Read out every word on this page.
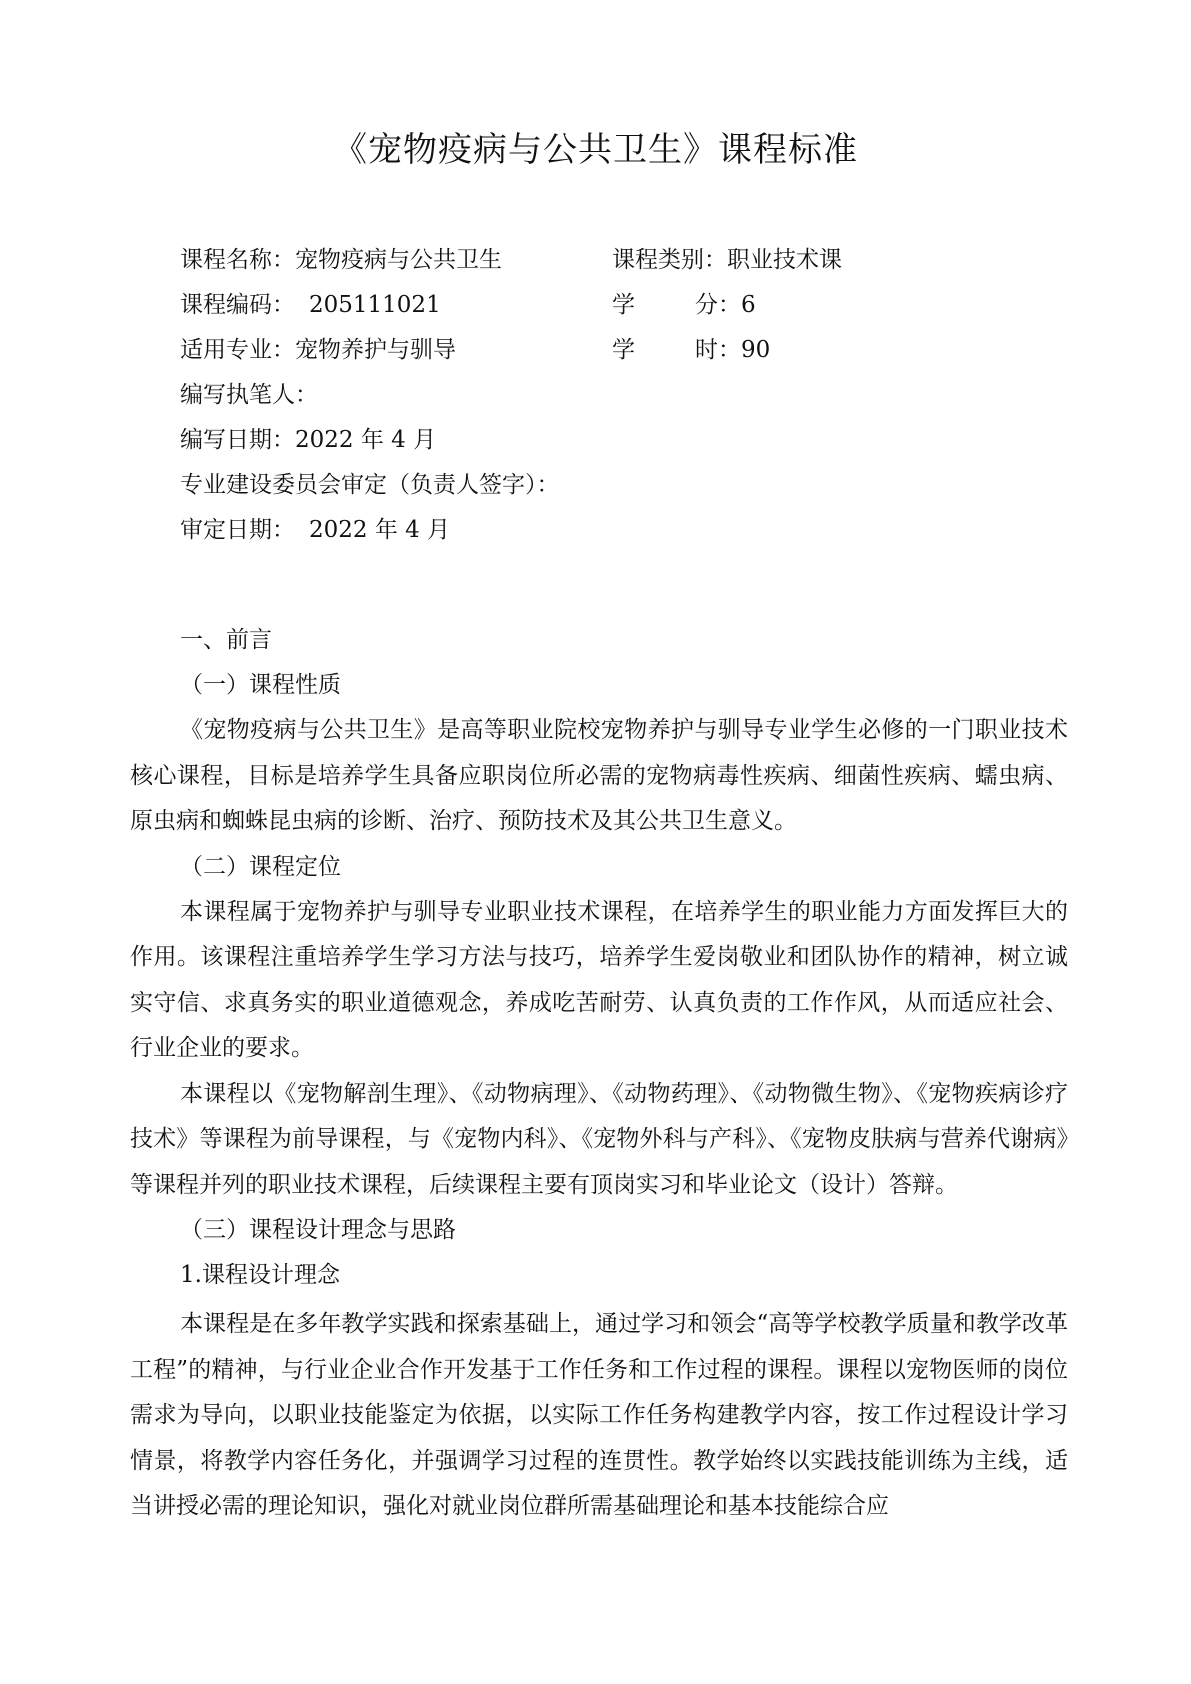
《宠物疫病与公共卫生》课程标准
课程名称：宠物疫病与公共卫生	课程类别：职业技术课
课程编码： 205111021	学	分：6
适用专业：宠物养护与驯导	学	时：90
编写执笔人：
编写日期：2022 年 4 月
专业建设委员会审定（负责人签字）：
审定日期： 2022 年 4 月
一、前言
（一）课程性质

《宠物疫病与公共卫生》是高等职业院校宠物养护与驯导专业学生必修的一门职业技术核心课程，目标是培养学生具备应职岗位所必需的宠物病毒性疾病、细菌性疾病、蠕虫病、原虫病和蜘蛛昆虫病的诊断、治疗、预防技术及其公共卫生意义。

（二）课程定位

本课程属于宠物养护与驯导专业职业技术课程，在培养学生的职业能力方面发挥巨大的作用。该课程注重培养学生学习方法与技巧，培养学生爱岗敬业和团队协作的精神，树立诚实守信、求真务实的职业道德观念，养成吃苦耐劳、认真负责的工作作风，从而适应社会、行业企业的要求。

本课程以《宠物解剖生理》、《动物病理》、《动物药理》、《动物微生物》、《宠物疾病诊疗技术》等课程为前导课程，与《宠物内科》、《宠物外科与产科》、《宠物皮肤病与营养代谢病》等课程并列的职业技术课程，后续课程主要有顶岗实习和毕业论文（设计）答辩。

（三）课程设计理念与思路
1.课程设计理念

本课程是在多年教学实践和探索基础上，通过学习和领会“高等学校教学质量和教学改革工程”的精神，与行业企业合作开发基于工作任务和工作过程的课程。课程以宠物医师的岗位需求为导向，以职业技能鉴定为依据，以实际工作任务构建教学内容，按工作过程设计学习情景，将教学内容任务化，并强调学习过程的连贯性。教学始终以实践技能训练为主线，适当讲授必需的理论知识，强化对就业岗位群所需基础理论和基本技能综合应
